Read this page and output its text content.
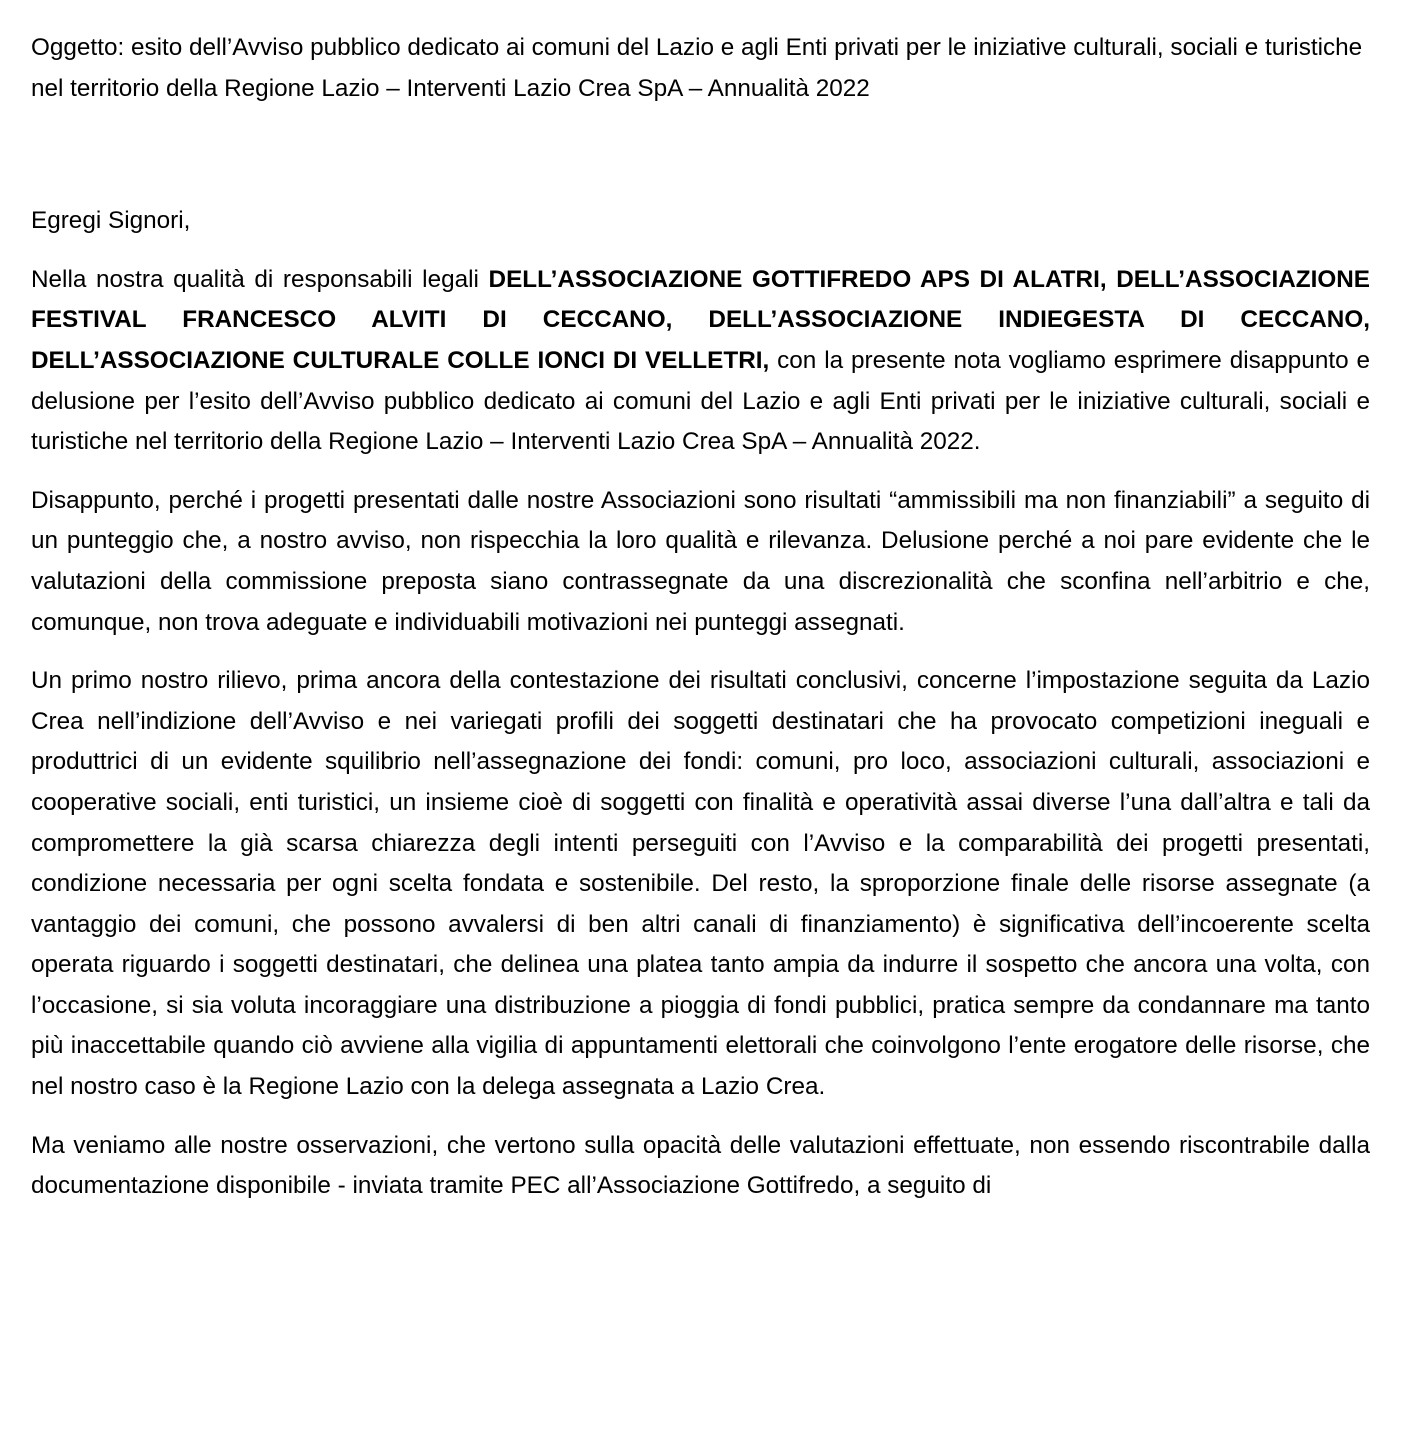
Oggetto: esito dell’Avviso pubblico dedicato ai comuni del Lazio e agli Enti privati per le iniziative culturali, sociali e turistiche nel territorio della Regione Lazio – Interventi Lazio Crea SpA – Annualità 2022

Egregi Signori,

Nella nostra qualità di responsabili legali DELL’ASSOCIAZIONE GOTTIFREDO APS DI ALATRI, DELL’ASSOCIAZIONE FESTIVAL FRANCESCO ALVITI DI CECCANO, DELL’ASSOCIAZIONE INDIEGESTA DI CECCANO, DELL’ASSOCIAZIONE CULTURALE COLLE IONCI DI VELLETRI, con la presente nota vogliamo esprimere disappunto e delusione per l’esito dell’Avviso pubblico dedicato ai comuni del Lazio e agli Enti privati per le iniziative culturali, sociali e turistiche nel territorio della Regione Lazio – Interventi Lazio Crea SpA – Annualità 2022.

Disappunto, perché i progetti presentati dalle nostre Associazioni sono risultati “ammissibili ma non finanziabili” a seguito di un punteggio che, a nostro avviso, non rispecchia la loro qualità e rilevanza. Delusione perché a noi pare evidente che le valutazioni della commissione preposta siano contrassegnate da una discrezionalità che sconfina nell’arbitrio e che, comunque, non trova adeguate e individuabili motivazioni nei punteggi assegnati.

Un primo nostro rilievo, prima ancora della contestazione dei risultati conclusivi, concerne l’impostazione seguita da Lazio Crea nell’indizione dell’Avviso e nei variegati profili dei soggetti destinatari che ha provocato competizioni ineguali e produttrici di un evidente squilibrio nell’assegnazione dei fondi: comuni, pro loco, associazioni culturali, associazioni e cooperative sociali, enti turistici, un insieme cioè di soggetti con finalità e operatività assai diverse l’una dall’altra e tali da compromettere la già scarsa chiarezza degli intenti perseguiti con l’Avviso e la comparabilità dei progetti presentati, condizione necessaria per ogni scelta fondata e sostenibile. Del resto, la sproporzione finale delle risorse assegnate (a vantaggio dei comuni, che possono avvalersi di ben altri canali di finanziamento) è significativa dell’incoerente scelta operata riguardo i soggetti destinatari, che delinea una platea tanto ampia da indurre il sospetto che ancora una volta, con l’occasione, si sia voluta incoraggiare una distribuzione a pioggia di fondi pubblici, pratica sempre da condannare ma tanto più inaccettabile quando ciò avviene alla vigilia di appuntamenti elettorali che coinvolgono l’ente erogatore delle risorse, che nel nostro caso è la Regione Lazio con la delega assegnata a Lazio Crea.

Ma veniamo alle nostre osservazioni, che vertono sulla opacità delle valutazioni effettuate, non essendo riscontrabile dalla documentazione disponibile - inviata tramite PEC all’Associazione Gottifredo, a seguito di
